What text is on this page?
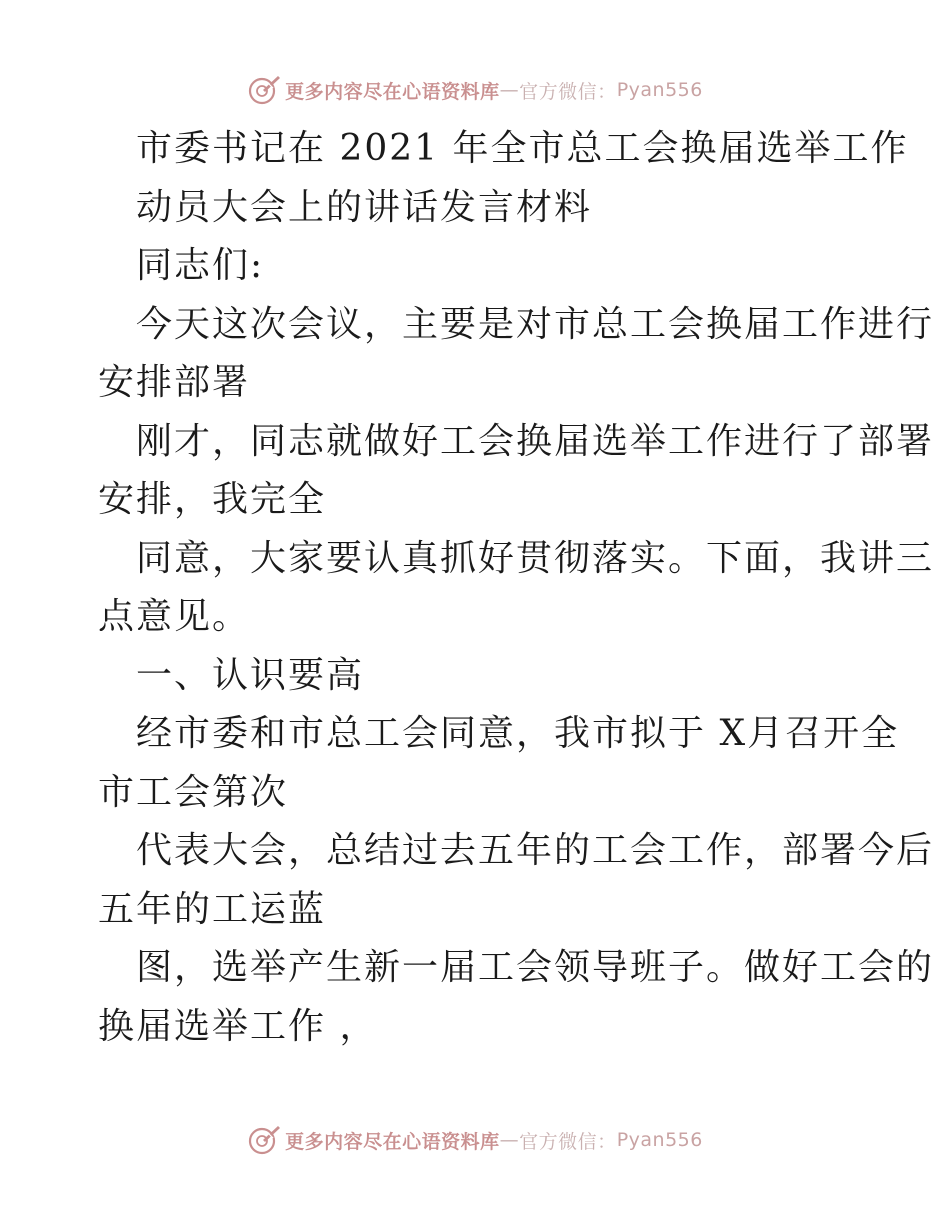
更多内容尽在心语资料库 — 官方微信： Pyan556
市委书记在 2021 年全市总工会换届选举工作
动员大会上的讲话发言材料
同志们:
今天这次会议，主要是对市总工会换届工作进行
安排部署
刚才，同志就做好工会换届选举工作进行了部署
安排，我完全
同意，大家要认真抓好贯彻落实。下面，我讲三
点意见。
一、认识要高
经市委和市总工会同意，我市拟于 X月召开全
市工会第次
代表大会，总结过去五年的工会工作，部署今后
五年的工运蓝
图，选举产生新一届工会领导班子。做好工会的
换届选举工作 ，
更多内容尽在心语资料库 — 官方微信： Pyan556
